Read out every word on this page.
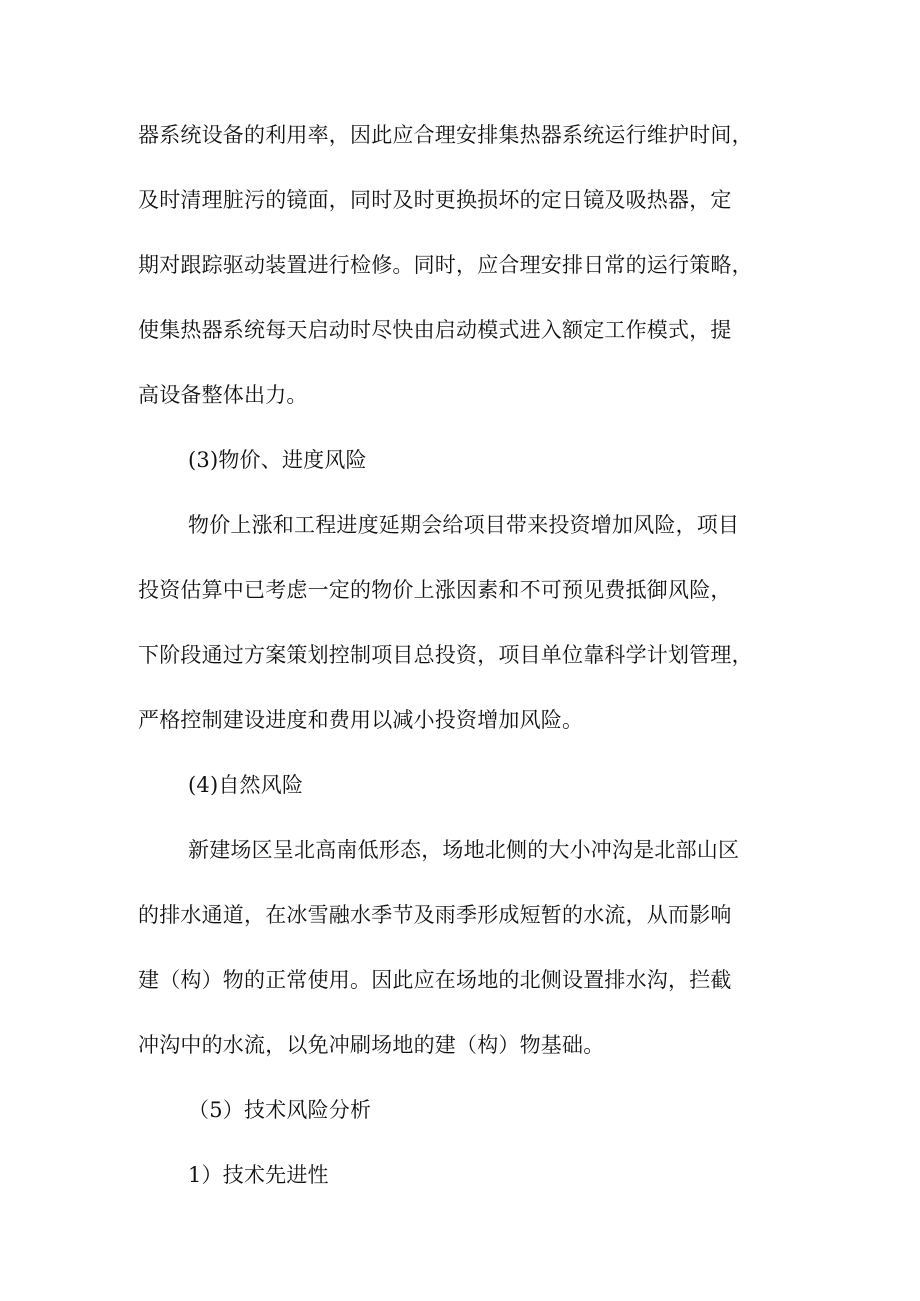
器系统设备的利用率，因此应合理安排集热器系统运行维护时间，
及时清理脏污的镜面，同时及时更换损坏的定日镜及吸热器，定
期对跟踪驱动装置进行检修。同时，应合理安排日常的运行策略，
使集热器系统每天启动时尽快由启动模式进入额定工作模式，提
高设备整体出力。
(3)物价、进度风险
物价上涨和工程进度延期会给项目带来投资增加风险，项目
投资估算中已考虑一定的物价上涨因素和不可预见费抵御风险，
下阶段通过方案策划控制项目总投资，项目单位靠科学计划管理，
严格控制建设进度和费用以减小投资增加风险。
(4)自然风险
新建场区呈北高南低形态，场地北侧的大小冲沟是北部山区
的排水通道，在冰雪融水季节及雨季形成短暂的水流，从而影响
建（构）物的正常使用。因此应在场地的北侧设置排水沟，拦截
冲沟中的水流，以免冲刷场地的建（构）物基础。
（5）技术风险分析
1）技术先进性
